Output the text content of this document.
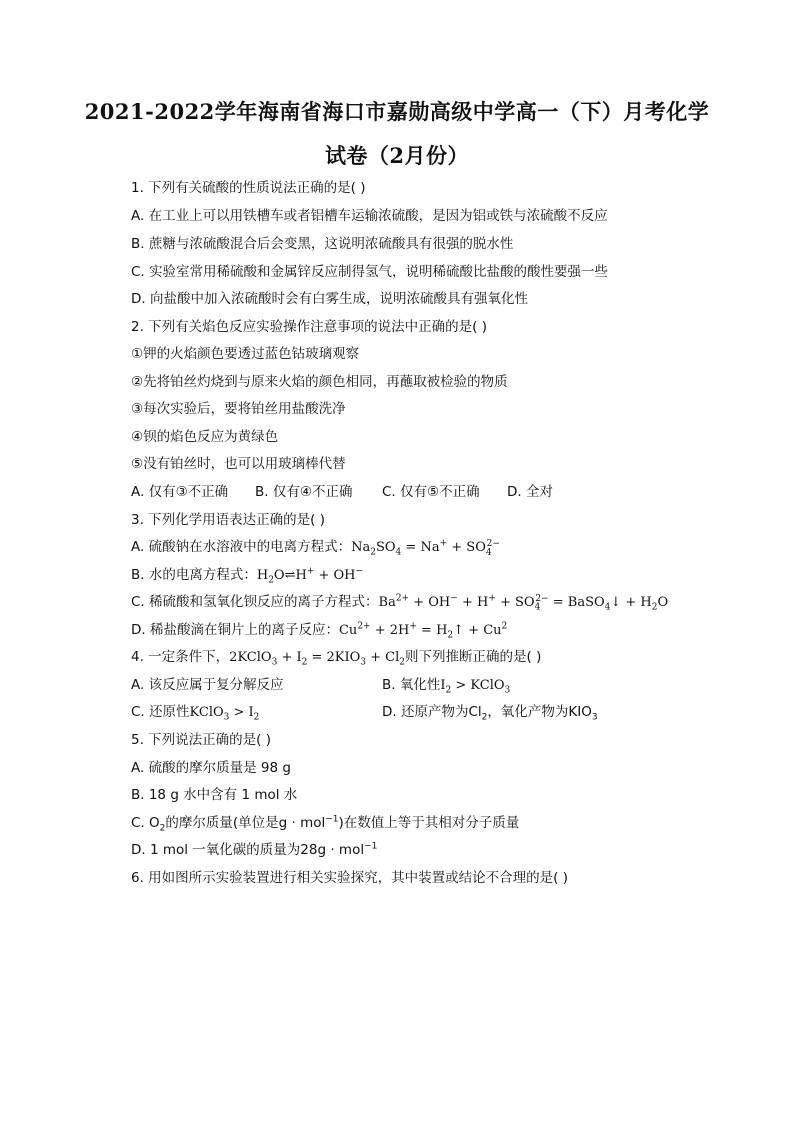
2021-2022学年海南省海口市嘉勋高级中学高一（下）月考化学
试卷（2月份）
1. 下列有关硫酸的性质说法正确的是( )
A. 在工业上可以用铁槽车或者铝槽车运输浓硫酸，是因为铝或铁与浓硫酸不反应
B. 蔗糖与浓硫酸混合后会变黑，这说明浓硫酸具有很强的脱水性
C. 实验室常用稀硫酸和金属锌反应制得氢气，说明稀硫酸比盐酸的酸性要强一些
D. 向盐酸中加入浓硫酸时会有白雾生成，说明浓硫酸具有强氧化性
2. 下列有关焰色反应实验操作注意事项的说法中正确的是( )
①钾的火焰颜色要透过蓝色钴玻璃观察
②先将铂丝灼烧到与原来火焰的颜色相同，再蘸取被检验的物质
③每次实验后，要将铂丝用盐酸洗净
④钡的焰色反应为黄绿色
⑤没有铂丝时，也可以用玻璃棒代替
A. 仅有③不正确 B. 仅有④不正确 C. 仅有⑤不正确 D. 全对
3. 下列化学用语表达正确的是( )
A. 硫酸钠在水溶液中的电离方程式：$Na_2SO_4 = Na^+ + SO_4^{2-}$
B. 水的电离方程式：$H_2O\rightleftharpoons H^+ + OH^-$
C. 稀硫酸和氢氧化钡反应的离子方程式：$Ba^{2+} + OH^- + H^+ + SO_4^{2-}$ = BaSO$_4$↓ + $H_2O$
D. 稀盐酸滴在铜片上的离子反应：$Cu^{2+} + 2H^+$ = $H_2↑ + Cu^2$
4. 一定条件下，2KClO$_3$ + $I_2 = 2KIO_3 + Cl_2$则下列推断正确的是( )
A. 该反应属于复分解反应	B. 氧化性$I_2$ > KClO$_3$
C. 还原性KClO$_3$ > $I_2$	D. 还原产物为$Cl_2$，氧化产物为$KIO_3$
5. 下列说法正确的是( )
A. 硫酸的摩尔质量是 98 g
B. 18 g 水中含有 1 mol 水
C. $O_2$的摩尔质量(单位是g · mol$^{-1}$)在数值上等于其相对分子质量
D. 1 mol 一氧化碳的质量为28g · mol$^{-1}$
6. 用如图所示实验装置进行相关实验探究，其中装置或结论不合理的是( )
